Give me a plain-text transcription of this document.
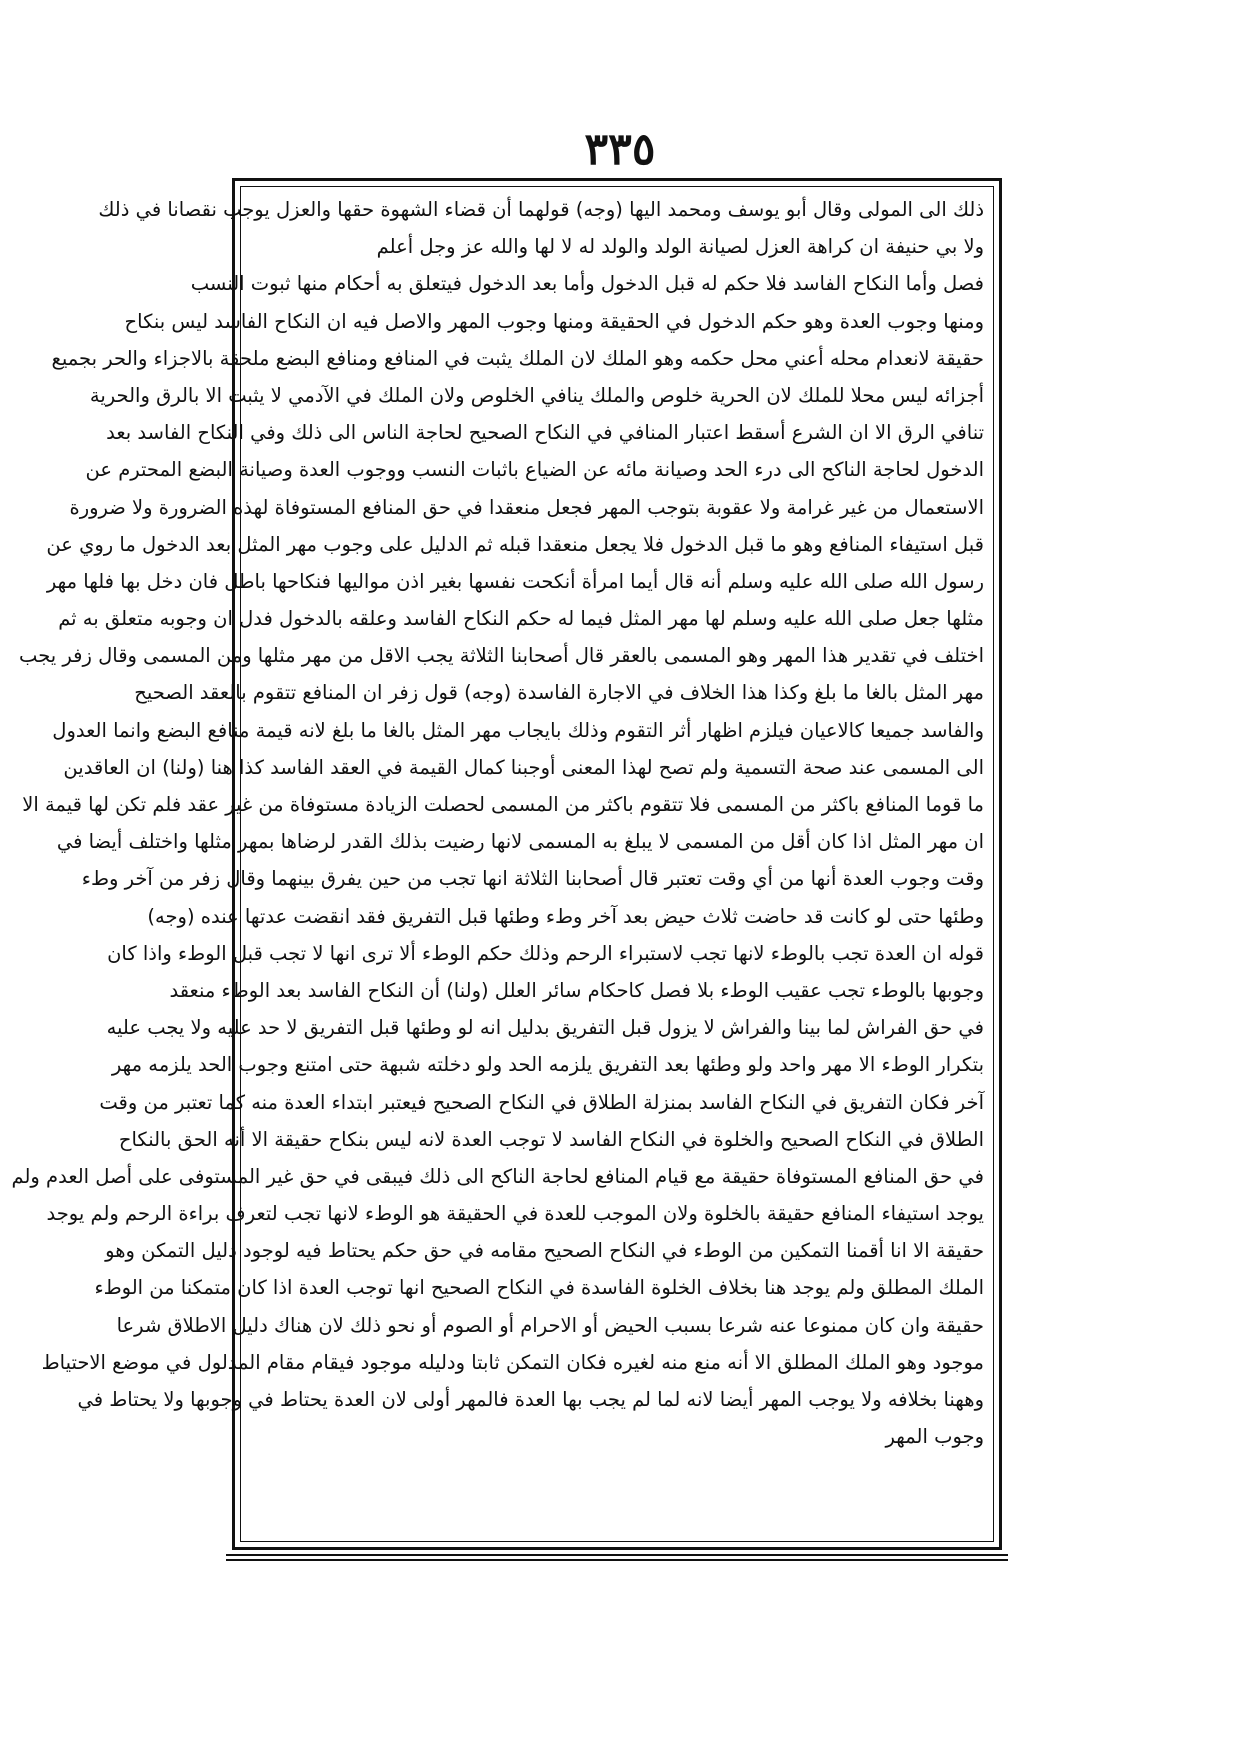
٣٣٥
ذلك الى المولى وقال أبو يوسف ومحمد اليها (وجه) قولهما أن قضاء الشهوة حقها والعزل يوجب نقصانا في ذلك
ولا بي حنيفة ان كراهة العزل لصيانة الولد والولد له لا لها والله عز وجل أعلم
فصل وأما النكاح الفاسد فلا حكم له قبل الدخول وأما بعد الدخول فيتعلق به أحكام منها ثبوت النسب
ومنها وجوب العدة وهو حكم الدخول في الحقيقة ومنها وجوب المهر والاصل فيه ان النكاح الفاسد ليس بنكاح
حقيقة لانعدام محله أعني محل حكمه وهو الملك لان الملك يثبت في المنافع ومنافع البضع ملحقة بالاجزاء والحر بجميع
أجزائه ليس محلا للملك لان الحرية خلوص والملك ينافي الخلوص ولان الملك في الآدمي لا يثبت الا بالرق والحرية
تنافي الرق الا ان الشرع أسقط اعتبار المنافي في النكاح الصحيح لحاجة الناس الى ذلك وفي النكاح الفاسد بعد
الدخول لحاجة الناكح الى درء الحد وصيانة مائه عن الضياع باثبات النسب ووجوب العدة وصيانة البضع المحترم عن
الاستعمال من غير غرامة ولا عقوبة بتوجب المهر فجعل منعقدا في حق المنافع المستوفاة لهذه الضرورة ولا ضرورة
قبل استيفاء المنافع وهو ما قبل الدخول فلا يجعل منعقدا قبله ثم الدليل على وجوب مهر المثل بعد الدخول ما روي عن
رسول الله صلى الله عليه وسلم أنه قال أيما امرأة أنكحت نفسها بغير اذن مواليها فنكاحها باطل فان دخل بها فلها مهر
مثلها جعل صلى الله عليه وسلم لها مهر المثل فيما له حكم النكاح الفاسد وعلقه بالدخول فدل ان وجوبه متعلق به ثم
اختلف في تقدير هذا المهر وهو المسمى بالعقر قال أصحابنا الثلاثة يجب الاقل من مهر مثلها ومن المسمى وقال زفر يجب
مهر المثل بالغا ما بلغ وكذا هذا الخلاف في الاجارة الفاسدة (وجه) قول زفر ان المنافع تتقوم بالعقد الصحيح
والفاسد جميعا كالاعيان فيلزم اظهار أثر التقوم وذلك بايجاب مهر المثل بالغا ما بلغ لانه قيمة منافع البضع وانما العدول
الى المسمى عند صحة التسمية ولم تصح لهذا المعنى أوجبنا كمال القيمة في العقد الفاسد كذا هنا (ولنا) ان العاقدين
ما قوما المنافع باكثر من المسمى فلا تتقوم باكثر من المسمى لحصلت الزيادة مستوفاة من غير عقد فلم تكن لها قيمة الا
ان مهر المثل اذا كان أقل من المسمى لا يبلغ به المسمى لانها رضيت بذلك القدر لرضاها بمهر مثلها واختلف أيضا في
وقت وجوب العدة أنها من أي وقت تعتبر قال أصحابنا الثلاثة انها تجب من حين يفرق بينهما وقال زفر من آخر وطء
وطئها حتى لو كانت قد حاضت ثلاث حيض بعد آخر وطء وطئها قبل التفريق فقد انقضت عدتها عنده (وجه)
قوله ان العدة تجب بالوطء لانها تجب لاستبراء الرحم وذلك حكم الوطء ألا ترى انها لا تجب قبل الوطء واذا كان
وجوبها بالوطء تجب عقيب الوطء بلا فصل كاحكام سائر العلل (ولنا) أن النكاح الفاسد بعد الوطء منعقد
في حق الفراش لما بينا والفراش لا يزول قبل التفريق بدليل انه لو وطئها قبل التفريق لا حد عليه ولا يجب عليه
بتكرار الوطء الا مهر واحد ولو وطئها بعد التفريق يلزمه الحد ولو دخلته شبهة حتى امتنع وجوب الحد يلزمه مهر
آخر فكان التفريق في النكاح الفاسد بمنزلة الطلاق في النكاح الصحيح فيعتبر ابتداء العدة منه كما تعتبر من وقت
الطلاق في النكاح الصحيح والخلوة في النكاح الفاسد لا توجب العدة لانه ليس بنكاح حقيقة الا أنه الحق بالنكاح
في حق المنافع المستوفاة حقيقة مع قيام المنافع لحاجة الناكح الى ذلك فيبقى في حق غير المستوفى على أصل العدم ولم
يوجد استيفاء المنافع حقيقة بالخلوة ولان الموجب للعدة في الحقيقة هو الوطء لانها تجب لتعرف براءة الرحم ولم يوجد
حقيقة الا انا أقمنا التمكين من الوطء في النكاح الصحيح مقامه في حق حكم يحتاط فيه لوجود دليل التمكن وهو
الملك المطلق ولم يوجد هنا بخلاف الخلوة الفاسدة في النكاح الصحيح انها توجب العدة اذا كان متمكنا من الوطء
حقيقة وان كان ممنوعا عنه شرعا بسبب الحيض أو الاحرام أو الصوم أو نحو ذلك لان هناك دليل الاطلاق شرعا
موجود وهو الملك المطلق الا أنه منع منه لغيره فكان التمكن ثابتا ودليله موجود فيقام مقام المدلول في موضع الاحتياط
وههنا بخلافه ولا يوجب المهر أيضا لانه لما لم يجب بها العدة فالمهر أولى لان العدة يحتاط في وجوبها ولا يحتاط في
وجوب المهر
